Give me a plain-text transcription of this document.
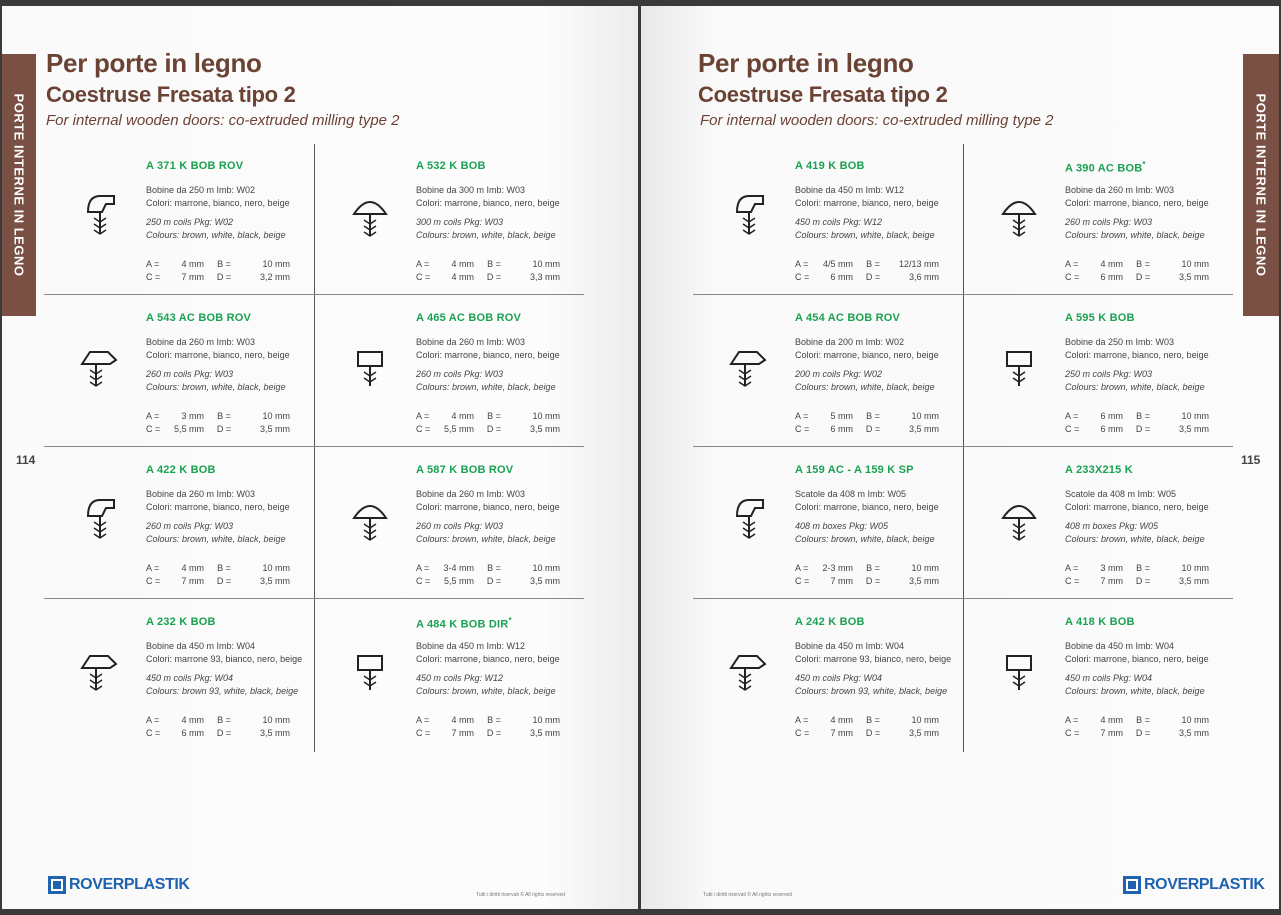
Per porte in legno
Coestruse Fresata tipo 2
For internal wooden doors: co-extruded milling type 2
PORTE INTERNE IN LEGNO
114
A 371 K BOB ROV
Bobine da 250 m Imb: W02
Colori: marrone, bianco, nero, beige
250 m coils Pkg: W02
Colours: brown, white, black, beige
A =	4 mm	B =	10 mm
C =	7 mm	D =	3,2 mm
A 532 K BOB
Bobine da 300 m Imb: W03
Colori: marrone, bianco, nero, beige
300 m coils Pkg: W03
Colours: brown, white, black, beige
A =	4 mm	B =	10 mm
C =	4 mm	D =	3,3 mm
A 543 AC BOB ROV
Bobine da 260 m Imb: W03
Colori: marrone, bianco, nero, beige
260 m coils Pkg: W03
Colours: brown, white, black, beige
A =	3 mm	B =	10 mm
C =	5,5 mm	D =	3,5 mm
A 465 AC BOB ROV
Bobine da 260 m Imb: W03
Colori: marrone, bianco, nero, beige
260 m coils Pkg: W03
Colours: brown, white, black, beige
A =	4 mm	B =	10 mm
C =	5,5 mm	D =	3,5 mm
A 422 K BOB
Bobine da 260 m Imb: W03
Colori: marrone, bianco, nero, beige
260 m coils Pkg: W03
Colours: brown, white, black, beige
A =	4 mm	B =	10 mm
C =	7 mm	D =	3,5 mm
A 587 K BOB ROV
Bobine da 260 m Imb: W03
Colori: marrone, bianco, nero, beige
260 m coils Pkg: W03
Colours: brown, white, black, beige
A =	3-4 mm	B =	10 mm
C =	5,5 mm	D =	3,5 mm
A 232 K BOB
Bobine da 450 m Imb: W04
Colori: marrone 93, bianco, nero, beige
450 m coils Pkg: W04
Colours: brown 93, white, black, beige
A =	4 mm	B =	10 mm
C =	6 mm	D =	3,5 mm
A 484 K BOB DIR*
Bobine da 450 m Imb: W12
Colori: marrone, bianco, nero, beige
450 m coils Pkg: W12
Colours: brown, white, black, beige
A =	4 mm	B =	10 mm
C =	7 mm	D =	3,5 mm
ROVERPLASTIK
Tutti i diritti riservati © All rights reserved
Per porte in legno
Coestruse Fresata tipo 2
For internal wooden doors: co-extruded milling type 2	PORTE INTERNE IN LEGNO
115
A 419 K BOB
Bobine da 450 m Imb: W12
Colori: marrone, bianco, nero, beige
450 m coils Pkg: W12
Colours: brown, white, black, beige
A =	4/5 mm	B =	12/13 mm
C =	6 mm	D =	3,6 mm
A 390 AC BOB*
Bobine da 260 m Imb: W03
Colori: marrone, bianco, nero, beige
260 m coils Pkg: W03
Colours: brown, white, black, beige
A =	4 mm	B =	10 mm
C =	6 mm	D =	3,5 mm
A 454 AC BOB ROV
Bobine da 200 m Imb: W02
Colori: marrone, bianco, nero, beige
200 m coils Pkg: W02
Colours: brown, white, black, beige
A =	5 mm	B =	10 mm
C =	6 mm	D =	3,5 mm
A 595 K BOB
Bobine da 250 m Imb: W03
Colori: marrone, bianco, nero, beige
250 m coils Pkg: W03
Colours: brown, white, black, beige
A =	6 mm	B =	10 mm
C =	6 mm	D =	3,5 mm
A 159 AC - A 159 K SP
Scatole da 408 m Imb: W05
Colori: marrone, bianco, nero, beige
408 m boxes Pkg: W05
Colours: brown, white, black, beige
A =	2-3 mm	B =	10 mm
C =	7 mm	D =	3,5 mm
A 233X215 K
Scatole da 408 m Imb: W05
Colori: marrone, bianco, nero, beige
408 m boxes Pkg: W05
Colours: brown, white, black, beige
A =	3 mm	B =	10 mm
C =	7 mm	D =	3,5 mm
A 242 K BOB
Bobine da 450 m Imb: W04
Colori: marrone 93, bianco, nero, beige
450 m coils Pkg: W04
Colours: brown 93, white, black, beige
A =	4 mm	B =	10 mm
C =	7 mm	D =	3,5 mm
A 418 K BOB
Bobine da 450 m Imb: W04
Colori: marrone, bianco, nero, beige
450 m coils Pkg: W04
Colours: brown, white, black, beige
A =	4 mm	B =	10 mm
C =	7 mm	D =	3,5 mm
ROVERPLASTIK
Tutti i diritti riservati © All rights reserved
